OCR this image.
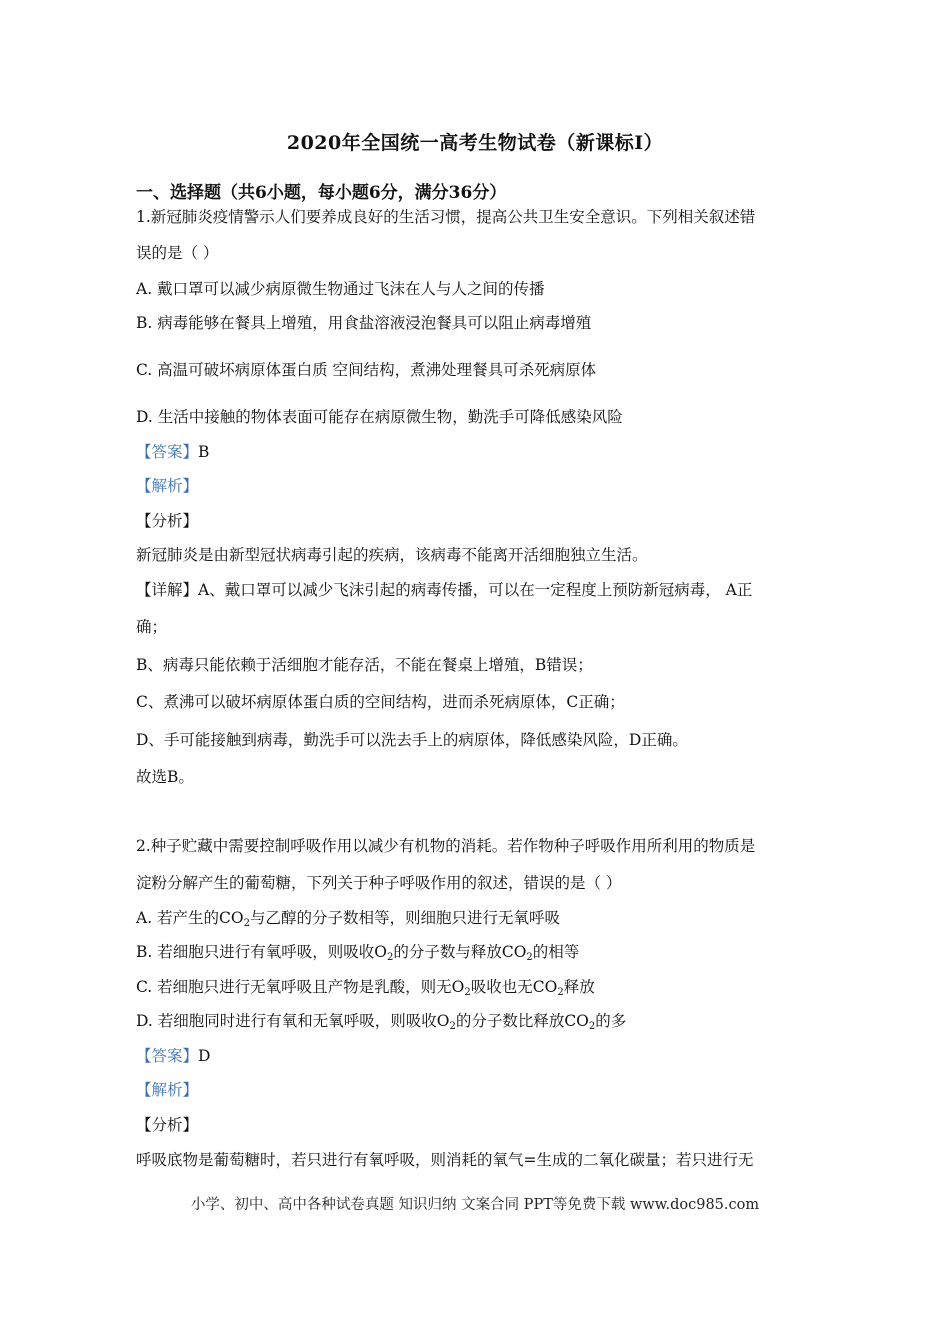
2020年全国统一高考生物试卷（新课标Ⅰ）
一、选择题（共6小题，每小题6分，满分36分）
1.新冠肺炎疫情警示人们要养成良好的生活习惯，提高公共卫生安全意识。下列相关叙述错
误的是（ ）
A. 戴口罩可以减少病原微生物通过飞沫在人与人之间的传播
B. 病毒能够在餐具上增殖，用食盐溶液浸泡餐具可以阻止病毒增殖
C. 高温可破坏病原体蛋白质 空间结构，煮沸处理餐具可杀死病原体
D. 生活中接触的物体表面可能存在病原微生物，勤洗手可降低感染风险
【答案】B
【解析】
【分析】
新冠肺炎是由新型冠状病毒引起的疾病，该病毒不能离开活细胞独立生活。
【详解】A、戴口罩可以减少飞沫引起的病毒传播，可以在一定程度上预防新冠病毒， A正
确；
B、病毒只能依赖于活细胞才能存活，不能在餐桌上增殖，B错误；
C、煮沸可以破坏病原体蛋白质的空间结构，进而杀死病原体，C正确；
D、手可能接触到病毒，勤洗手可以洗去手上的病原体，降低感染风险，D正确。
故选B。
2.种子贮藏中需要控制呼吸作用以减少有机物的消耗。若作物种子呼吸作用所利用的物质是
淀粉分解产生的葡萄糖，下列关于种子呼吸作用的叙述，错误的是（ ）
A. 若产生的$CO_2$与乙醇的分子数相等，则细胞只进行无氧呼吸
B. 若细胞只进行有氧呼吸，则吸收$O_2$的分子数与释放$CO_2$的相等
C. 若细胞只进行无氧呼吸且产物是乳酸，则无$O_2$吸收也无$CO_2$释放
D. 若细胞同时进行有氧和无氧呼吸，则吸收$O_2$的分子数比释放$CO_2$的多
【答案】D
【解析】
【分析】
呼吸底物是葡萄糖时，若只进行有氧呼吸，则消耗的氧气=生成的二氧化碳量；若只进行无
小学、初中、高中各种试卷真题 知识归纳 文案合同 PPT等免费下载 www.doc985.com
